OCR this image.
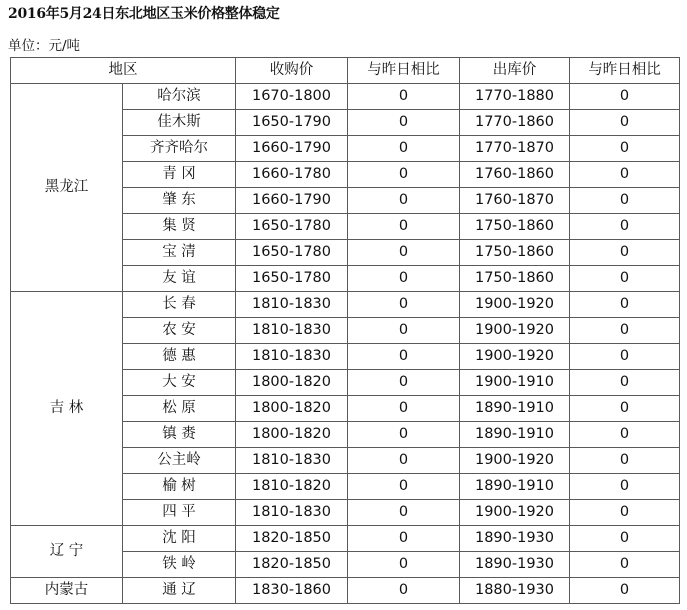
2016年5月24日东北地区玉米价格整体稳定
单位：元/吨
地区		收购价	与昨日相比	出库价	与昨日相比
黑龙江	哈尔滨	1670-1800	0	1770-1880	0
	佳木斯	1650-1790	0	1770-1860	0
	齐齐哈尔	1660-1790	0	1770-1870	0
	青 冈	1660-1780	0	1760-1860	0
	肇 东	1660-1790	0	1760-1870	0
	集 贤	1650-1780	0	1750-1860	0
	宝 清	1650-1780	0	1750-1860	0
	友 谊	1650-1780	0	1750-1860	0
吉 林	长 春	1810-1830	0	1900-1920	0
	农 安	1810-1830	0	1900-1920	0
	德 惠	1810-1830	0	1900-1920	0
	大 安	1800-1820	0	1900-1910	0
	松 原	1800-1820	0	1890-1910	0
	镇 赉	1800-1820	0	1890-1910	0
	公主岭	1810-1830	0	1900-1920	0
	榆 树	1810-1820	0	1890-1910	0
	四 平	1810-1830	0	1900-1920	0
辽 宁	沈 阳	1820-1850	0	1890-1930	0
	铁 岭	1820-1850	0	1890-1930	0
内蒙古	通 辽	1830-1860	0	1880-1930	0
